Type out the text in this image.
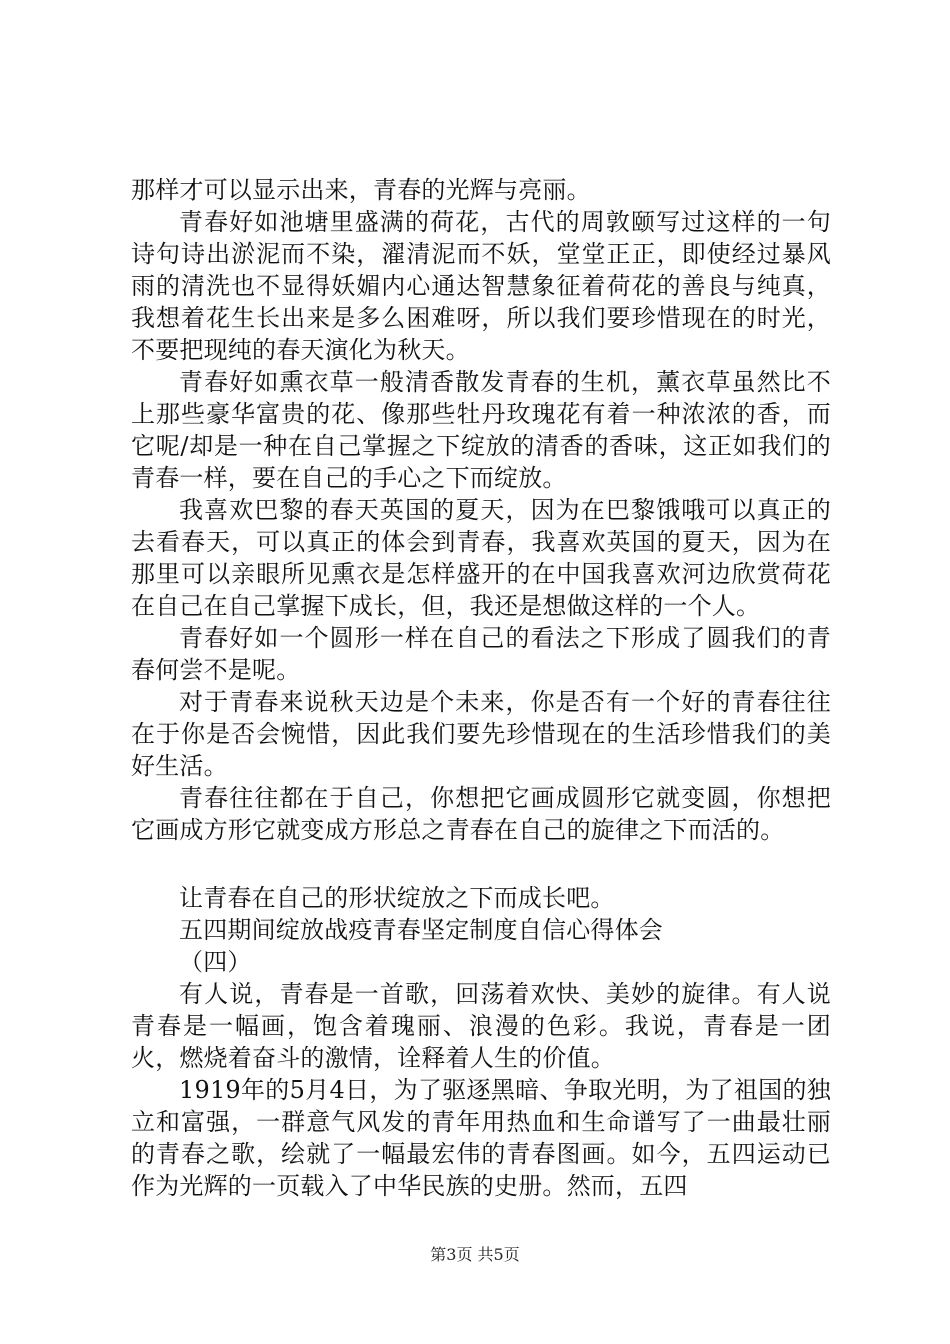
那样才可以显示出来，青春的光辉与亮丽。

青春好如池塘里盛满的荷花，古代的周敦颐写过这样的一句诗句诗出淤泥而不染，濯清泥而不妖，堂堂正正，即使经过暴风雨的清洗也不显得妖媚内心通达智慧象征着荷花的善良与纯真，我想着花生长出来是多么困难呀，所以我们要珍惜现在的时光，不要把现纯的春天演化为秋天。

青春好如熏衣草一般清香散发青春的生机，薰衣草虽然比不上那些豪华富贵的花、像那些牡丹玫瑰花有着一种浓浓的香，而它呢/却是一种在自己掌握之下绽放的清香的香味，这正如我们的青春一样，要在自己的手心之下而绽放。

我喜欢巴黎的春天英国的夏天，因为在巴黎饿哦可以真正的去看春天，可以真正的体会到青春，我喜欢英国的夏天，因为在那里可以亲眼所见熏衣是怎样盛开的在中国我喜欢河边欣赏荷花在自己在自己掌握下成长，但，我还是想做这样的一个人。

青春好如一个圆形一样在自己的看法之下形成了圆我们的青春何尝不是呢。

对于青春来说秋天边是个未来，你是否有一个好的青春往往在于你是否会惋惜，因此我们要先珍惜现在的生活珍惜我们的美好生活。

青春往往都在于自己，你想把它画成圆形它就变圆，你想把它画成方形它就变成方形总之青春在自己的旋律之下而活的。

让青春在自己的形状绽放之下而成长吧。

五四期间绽放战疫青春坚定制度自信心得体会

（四）

有人说，青春是一首歌，回荡着欢快、美妙的旋律。有人说青春是一幅画，饱含着瑰丽、浪漫的色彩。我说，青春是一团火，燃烧着奋斗的激情，诠释着人生的价值。

1919年的5月4日，为了驱逐黑暗、争取光明，为了祖国的独立和富强，一群意气风发的青年用热血和生命谱写了一曲最壮丽的青春之歌，绘就了一幅最宏伟的青春图画。如今，五四运动已作为光辉的一页载入了中华民族的史册。然而，五四

第3页 共5页
